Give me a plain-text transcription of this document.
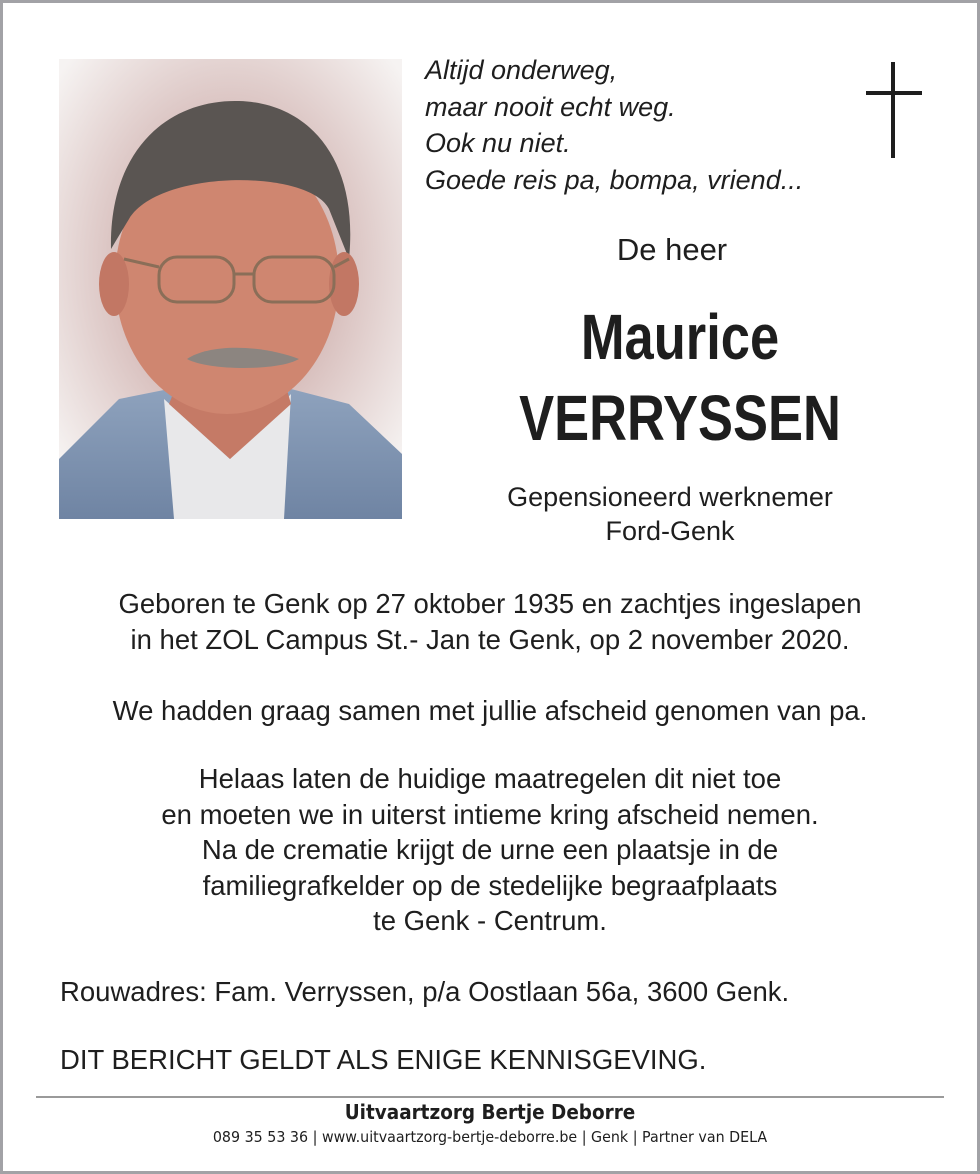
Altijd onderweg,
maar nooit echt weg.
Ook nu niet.
Goede reis pa, bompa, vriend...
De heer
Maurice
VERRYSSEN
Gepensioneerd werknemer
Ford-Genk
Geboren te Genk op 27 oktober 1935 en zachtjes ingeslapen
in het ZOL Campus St.- Jan te Genk, op 2 november 2020.
We hadden graag samen met jullie afscheid genomen van pa.
Helaas laten de huidige maatregelen dit niet toe
en moeten we in uiterst intieme kring afscheid nemen.
Na de crematie krijgt de urne een plaatsje in de
familiegrafkelder op de stedelijke begraafplaats
te Genk - Centrum.
Rouwadres: Fam. Verryssen, p/a Oostlaan 56a, 3600 Genk.
DIT BERICHT GELDT ALS ENIGE KENNISGEVING.
Uitvaartzorg Bertje Deborre
089 35 53 36 | www.uitvaartzorg-bertje-deborre.be | Genk | Partner van DELA
